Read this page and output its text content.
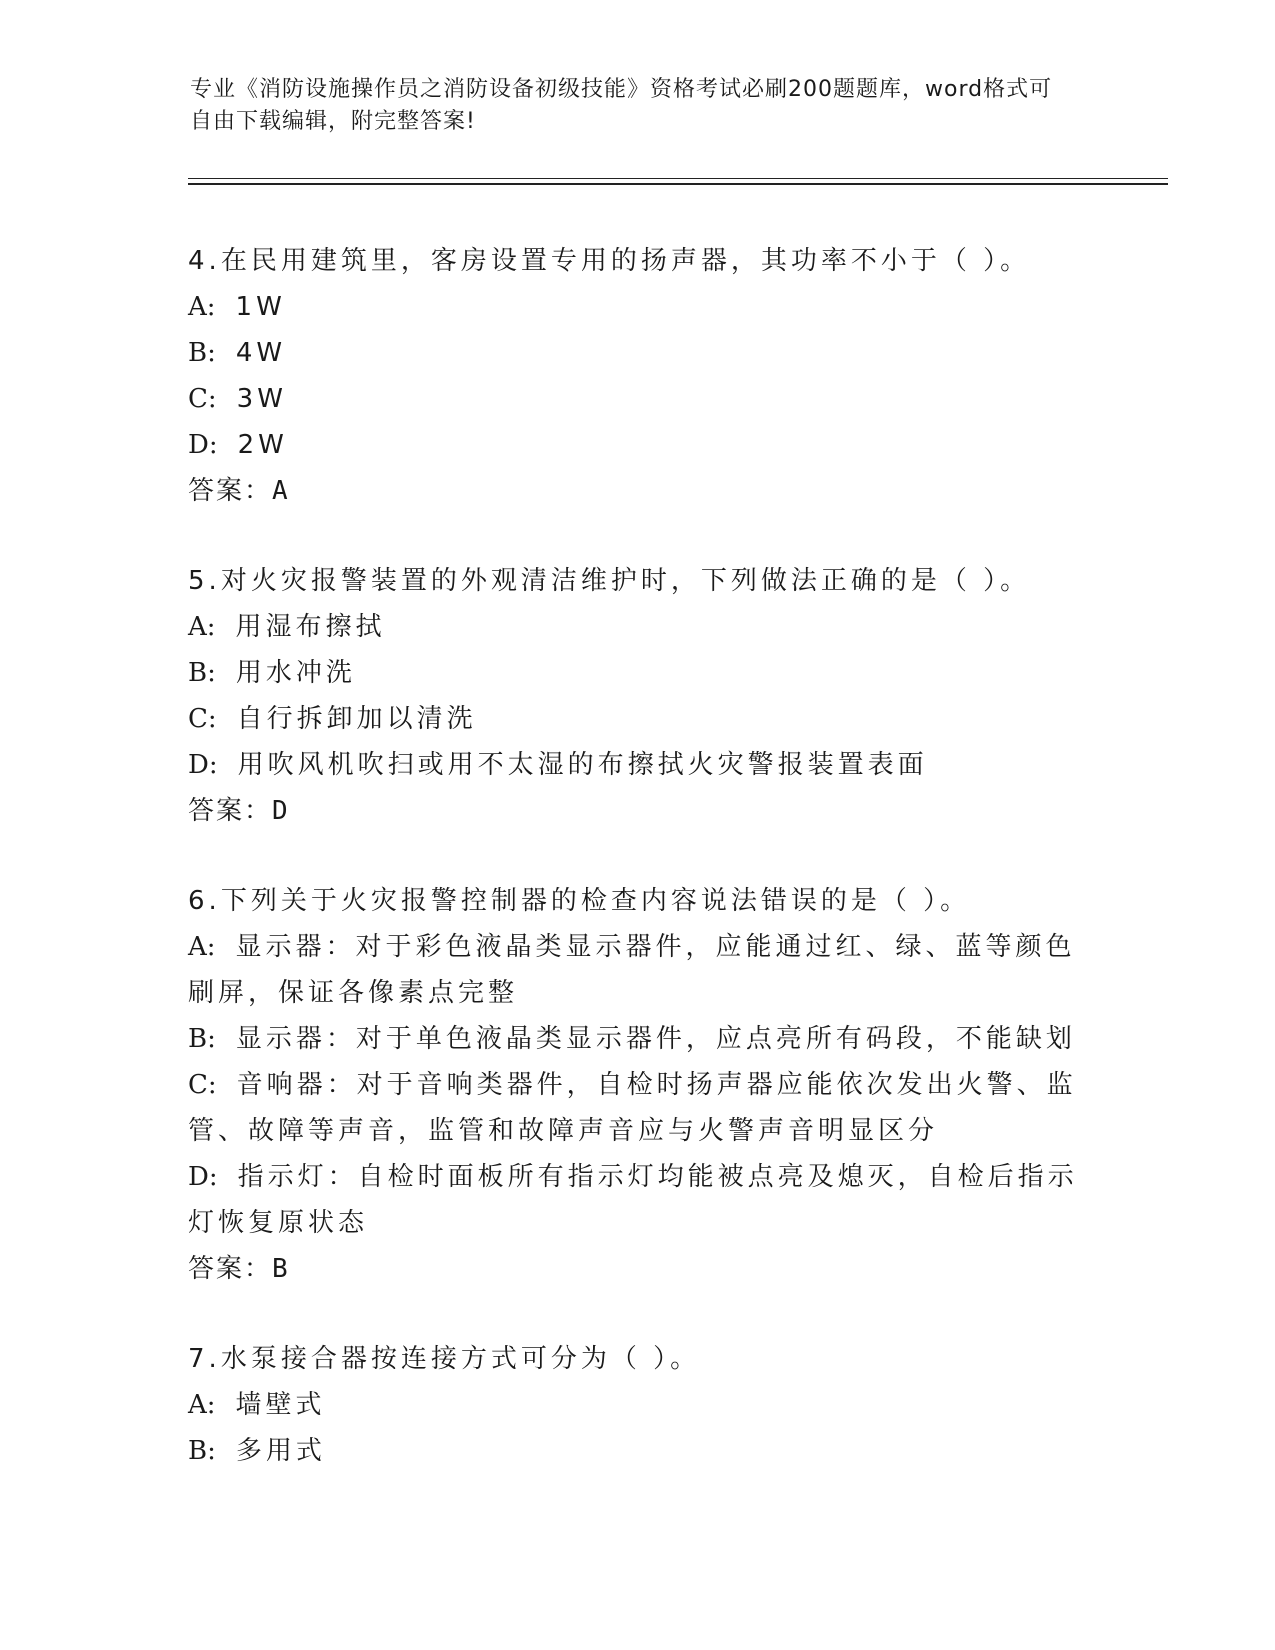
专业《消防设施操作员之消防设备初级技能》资格考试必刷200题题库，word格式可自由下载编辑，附完整答案!
4.在民用建筑里，客房设置专用的扬声器，其功率不小于（ ）。
A: 1W
B: 4W
C: 3W
D: 2W
答案：A
5.对火灾报警装置的外观清洁维护时，下列做法正确的是（ ）。
A: 用湿布擦拭
B: 用水冲洗
C: 自行拆卸加以清洗
D: 用吹风机吹扫或用不太湿的布擦拭火灾警报装置表面
答案：D
6.下列关于火灾报警控制器的检查内容说法错误的是（ ）。
A: 显示器：对于彩色液晶类显示器件，应能通过红、绿、蓝等颜色刷屏，保证各像素点完整
B: 显示器：对于单色液晶类显示器件，应点亮所有码段，不能缺划
C: 音响器：对于音响类器件，自检时扬声器应能依次发出火警、监管、故障等声音，监管和故障声音应与火警声音明显区分
D: 指示灯：自检时面板所有指示灯均能被点亮及熄灭，自检后指示灯恢复原状态
答案：B
7.水泵接合器按连接方式可分为（ ）。
A: 墙壁式
B: 多用式
